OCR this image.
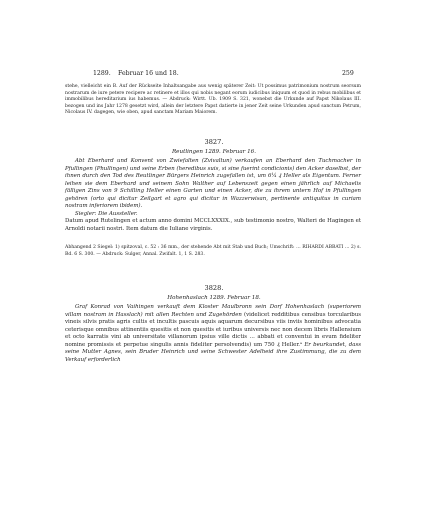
1289. Februar 16 und 18.	259
stehe, vielleicht ein B. Auf der Rückseite Inhaltsangabe aus wenig späterer Zeit: Ut possimus patrimonium nostrum seorsum nostrarum de iure petere recipere ac retinere et illos qui nobis negant eorum iudicibus iniquum et quod in rebus mobilibus et immobilibus hereditarium ius habemus. — Abdruck: Wirtt. Ub. 1909 S. 321, wonebst die Urkunde auf Papst Nikolaus III. bezogen und ins Jahr 1278 gesetzt wird, allein der letztere Papst datierte in jener Zeit seine Urkunden apud sanctum Petrum, Nicolaus IV. dagegen, wie oben, apud sanctam Mariam Maiorem.
3827.
Reutlingen 1289. Februar 16.

Abt Eberhard und Konvent von Zwiefalten (Zvivaltun) verkaufen an Eberhard den Tuchmacher in Pfullingen (Phullingen) und seine Erben (heredibus suis, si sine fuerint condicionis) den Acker daselbst, der ihnen durch den Tod des Reutlinger Bürgers Heinrich zugefallen ist, um 6¼ ₰ Heller als Eigentum. Ferner leihen sie dem Eberhard und seinem Sohn Walther auf Lebenszeit gegen einen jährlich auf Michaelis fälligen Zins von 9 Schilling Heller einen Garten und einen Acker, die zu ihrem untern Hof in Pfullingen gehören (orto qui dicitur Zeilgart et agro qui dicitur in Wazzerwisan, pertinente antiquitus in curiam nostram inferiorem ibidem).

Siegler: Die Aussteller.

Datum apud Rutelingen et actum anno domini MCCLXXXIX., sub testimonio nostro, Walteri de Hagingen et Arnoldi notarii nostri. Item datum die Iuliane virginis.

Abhangend 2 Siegel: 1) spitzoval, c. 52 : 36 mm., der stehende Abt mit Stab und Buch; Umschrift: … RIHARDI ABBATI … 2) s. Bd. 6 S. 300. — Abdruck: Sulger, Annal. Zwifalt. 1, 1 S. 283.
3828.
Hohenhaslach 1289. Februar 18.

Graf Konrad von Vaihingen verkauft dem Kloster Maulbronn sein Dorf Hohenhaslach (superiorem villam nostram in Hasslach) mit allen Rechten und Zugehörden (videlicet redditibus censibus torcularibus vineis silvis pratis agris cultis et incultis pascuis aquis aquarum decursibus viis inviis hominibus advocatia ceterisque omnibus attinentiis quesitis et non quesitis et iuribus universis nec non decem libris Hallensium et octo karratis vini ab universitate villanorum ipsius ville dictis … abbati et conventui in evum fideliter nomine promissis et perpetue singulis annis fideliter persolvendis) um 750 ₰ Heller.ᵃ Er beurkundet, dass seine Mutter Agnes, sein Bruder Heinrich und seine Schwester Adelheid ihre Zustimmung, die zu dem Verkauf erforderlich
